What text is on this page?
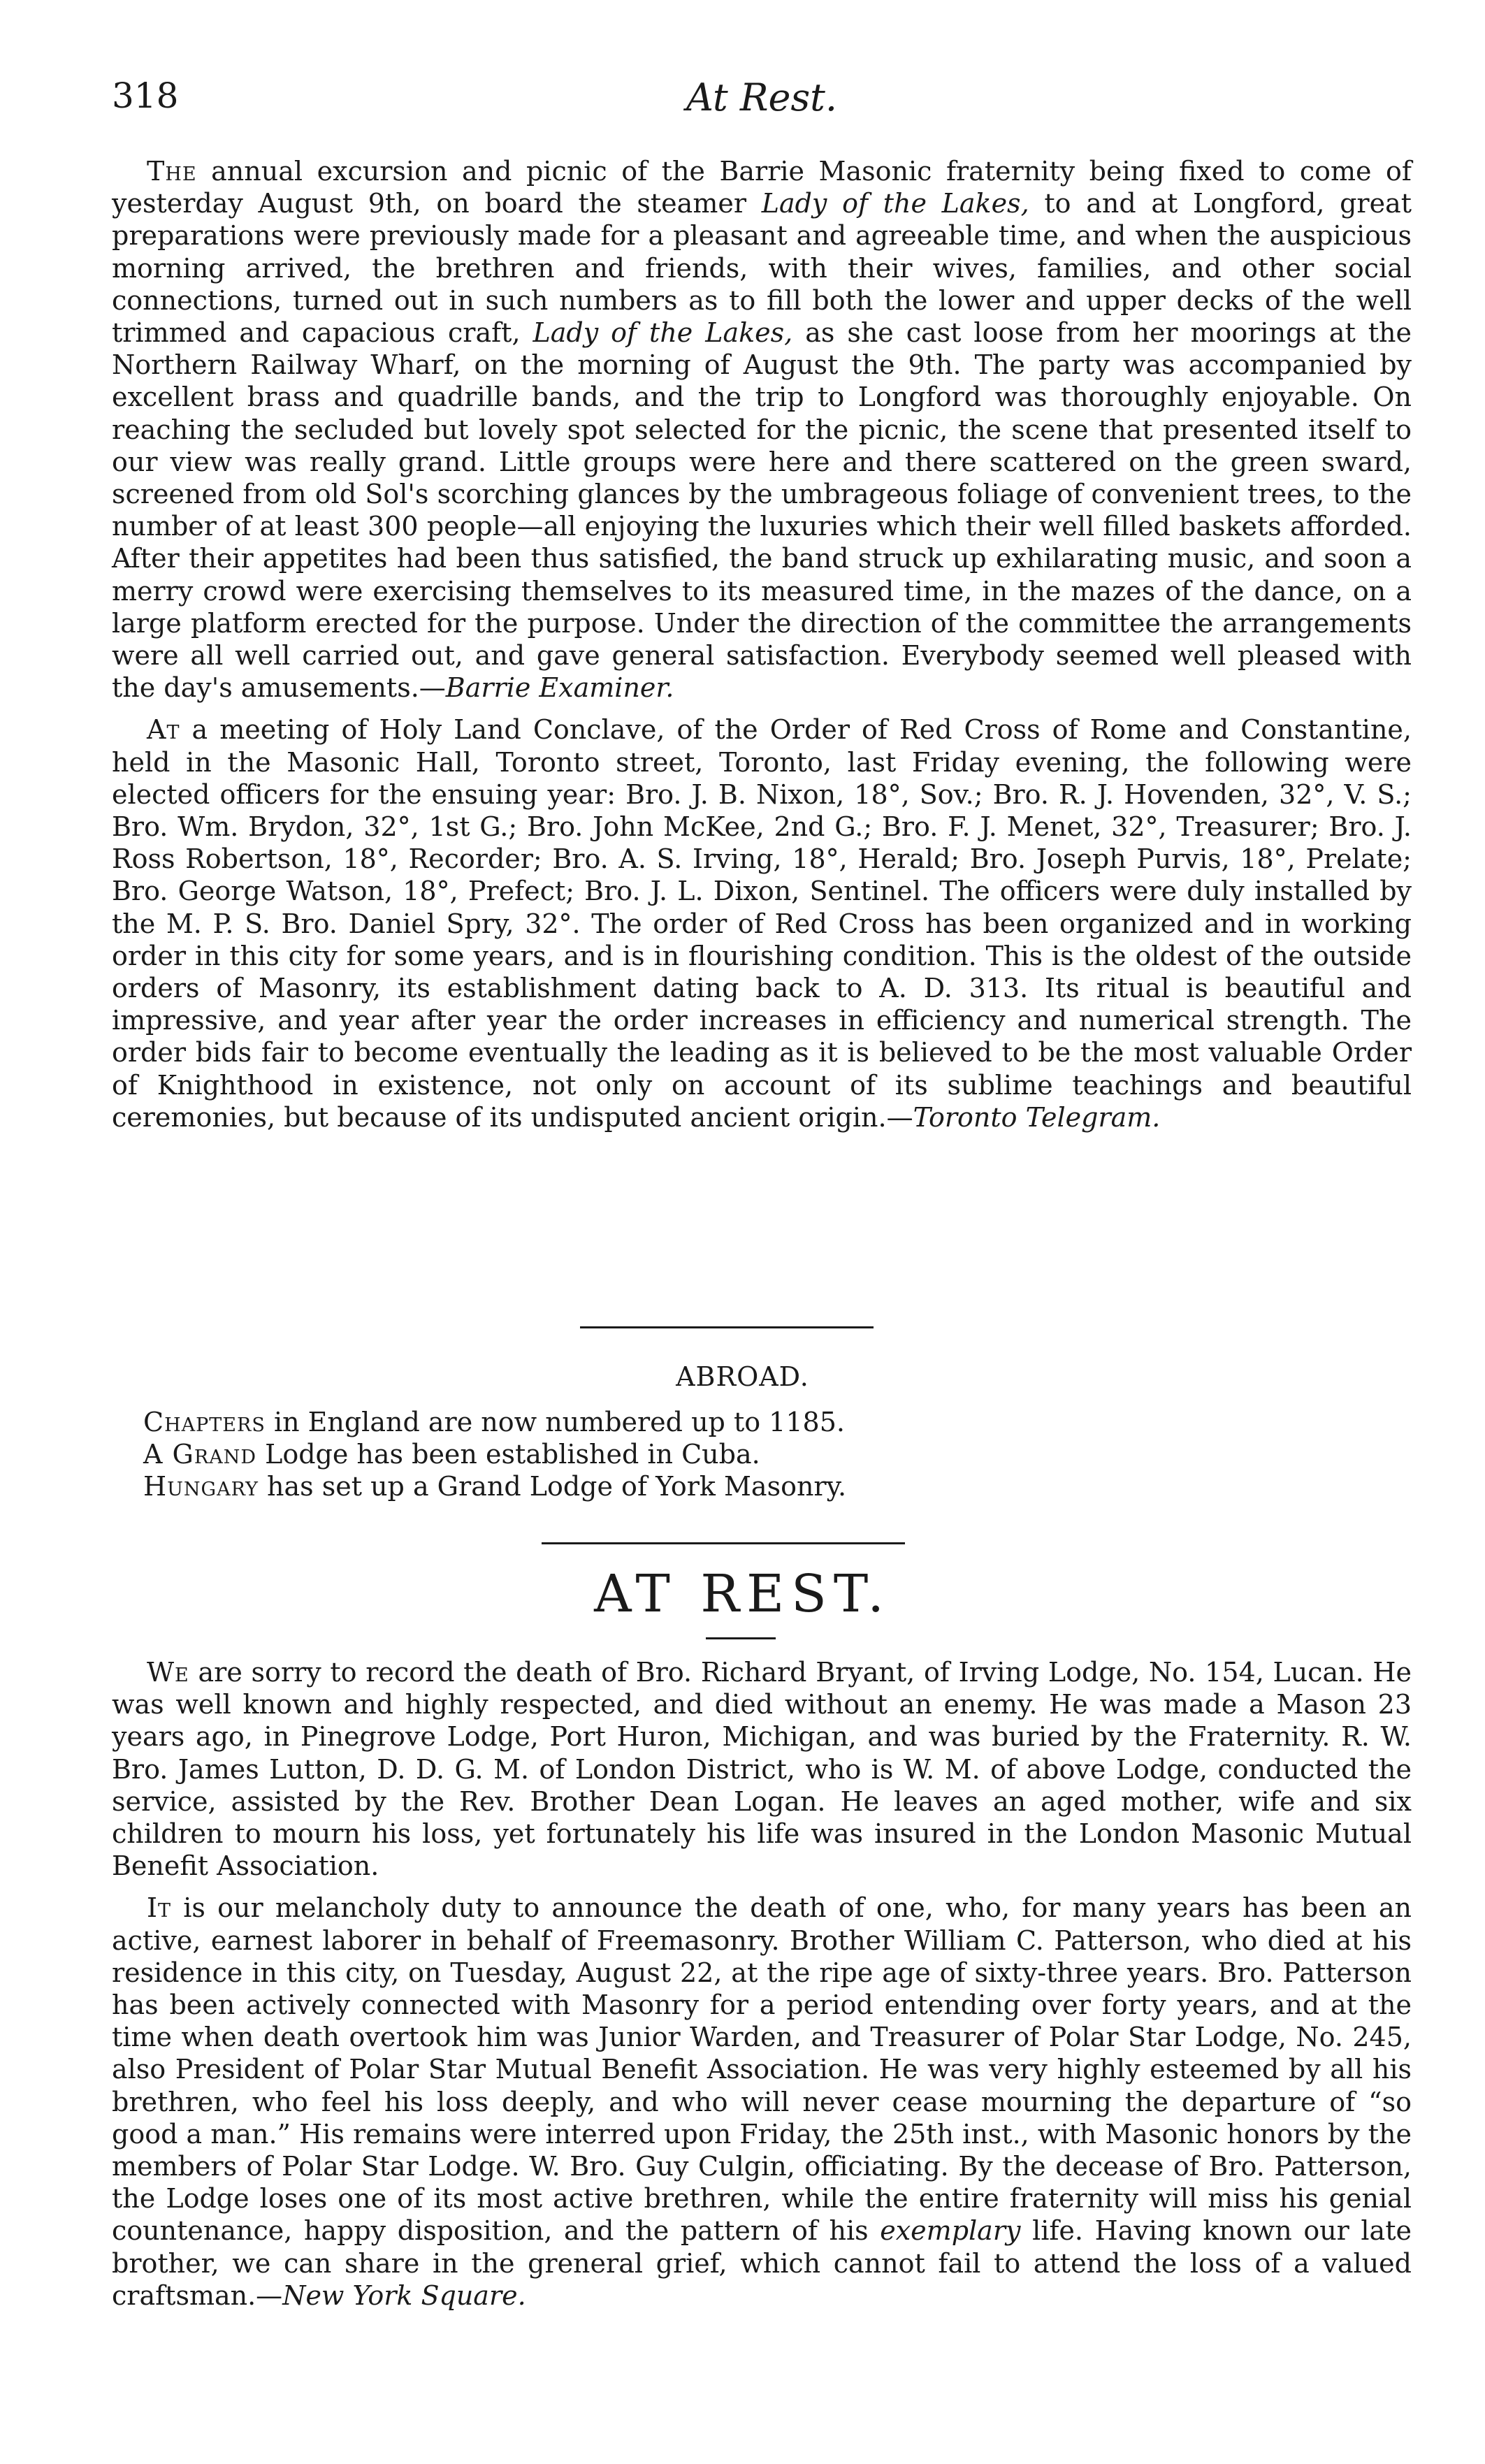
318	At Rest.

The annual excursion and picnic of the Barrie Masonic fraternity being fixed to come of yesterday August 9th, on board the steamer Lady of the Lakes, to and at Longford, great preparations were previously made for a pleasant and agreeable time, and when the auspicious morning arrived, the brethren and friends, with their wives, families, and other social connections, turned out in such numbers as to fill both the lower and upper decks of the well trimmed and capacious craft, Lady of the Lakes, as she cast loose from her moorings at the Northern Railway Wharf, on the morning of August the 9th. The party was accompanied by excellent brass and quadrille bands, and the trip to Longford was thoroughly enjoyable. On reaching the secluded but lovely spot selected for the picnic, the scene that presented itself to our view was really grand. Little groups were here and there scattered on the green sward, screened from old Sol's scorching glances by the umbrageous foliage of convenient trees, to the number of at least 300 people—all enjoying the luxuries which their well filled baskets afforded. After their appetites had been thus satisfied, the band struck up exhilarating music, and soon a merry crowd were exercising themselves to its measured time, in the mazes of the dance, on a large platform erected for the purpose. Under the direction of the committee the arrangements were all well carried out, and gave general satisfaction. Everybody seemed well pleased with the day's amusements.—Barrie Examiner.

At a meeting of Holy Land Conclave, of the Order of Red Cross of Rome and Constantine, held in the Masonic Hall, Toronto street, Toronto, last Friday evening, the following were elected officers for the ensuing year: Bro. J. B. Nixon, 18°, Sov.; Bro. R. J. Hovenden, 32°, V. S.; Bro. Wm. Brydon, 32°, 1st G.; Bro. John McKee, 2nd G.; Bro. F. J. Menet, 32°, Treasurer; Bro. J. Ross Robertson, 18°, Recorder; Bro. A. S. Irving, 18°, Herald; Bro. Joseph Purvis, 18°, Prelate; Bro. George Watson, 18°, Prefect; Bro. J. L. Dixon, Sentinel. The officers were duly installed by the M. P. S. Bro. Daniel Spry, 32°. The order of Red Cross has been organized and in working order in this city for some years, and is in flourishing condition. This is the oldest of the outside orders of Masonry, its establishment dating back to A. D. 313. Its ritual is beautiful and impressive, and year after year the order increases in efficiency and numerical strength. The order bids fair to become eventually the leading as it is believed to be the most valuable Order of Knighthood in existence, not only on account of its sublime teachings and beautiful ceremonies, but because of its undisputed ancient origin.—Toronto Telegram.

ABROAD.
Chapters in England are now numbered up to 1185.
A Grand Lodge has been established in Cuba.
Hungary has set up a Grand Lodge of York Masonry.
AT REST.

We are sorry to record the death of Bro. Richard Bryant, of Irving Lodge, No. 154, Lucan. He was well known and highly respected, and died without an enemy. He was made a Mason 23 years ago, in Pinegrove Lodge, Port Huron, Michigan, and was buried by the Fraternity. R. W. Bro. James Lutton, D. D. G. M. of London District, who is W. M. of above Lodge, conducted the service, assisted by the Rev. Brother Dean Logan. He leaves an aged mother, wife and six children to mourn his loss, yet fortunately his life was insured in the London Masonic Mutual Benefit Association.

It is our melancholy duty to announce the death of one, who, for many years has been an active, earnest laborer in behalf of Freemasonry. Brother William C. Patterson, who died at his residence in this city, on Tuesday, August 22, at the ripe age of sixty-three years. Bro. Patterson has been actively connected with Masonry for a period entending over forty years, and at the time when death overtook him was Junior Warden, and Treasurer of Polar Star Lodge, No. 245, also President of Polar Star Mutual Benefit Association. He was very highly esteemed by all his brethren, who feel his loss deeply, and who will never cease mourning the departure of “so good a man.” His remains were interred upon Friday, the 25th inst., with Masonic honors by the members of Polar Star Lodge. W. Bro. Guy Culgin, officiating. By the decease of Bro. Patterson, the Lodge loses one of its most active brethren, while the entire fraternity will miss his genial countenance, happy disposition, and the pattern of his exemplary life. Having known our late brother, we can share in the greneral grief, which cannot fail to attend the loss of a valued craftsman.—New York Square.
